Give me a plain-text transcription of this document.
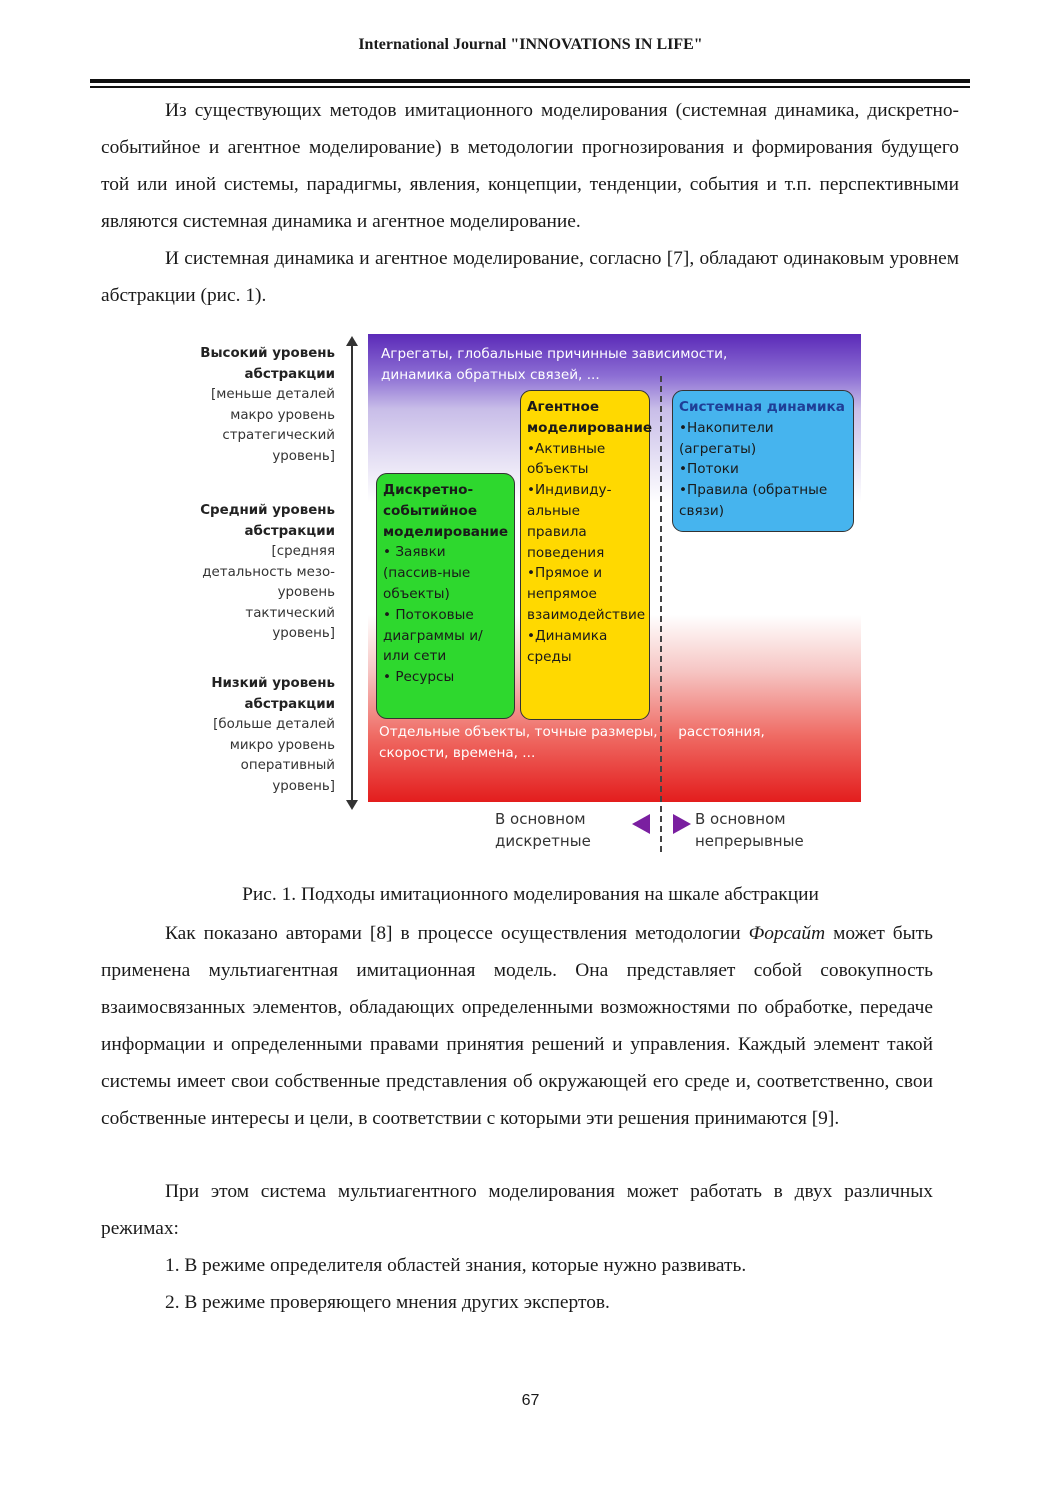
International Journal "INNOVATIONS IN LIFE"

Из существующих методов имитационного моделирования (системная динамика, дискретно-событийное и агентное моделирование) в методологии прогнозирования и формирования будущего той или иной системы, парадигмы, явления, концепции, тенденции, события и т.п. перспективными являются системная динамика и агентное моделирование.

И системная динамика и агентное моделирование, согласно [7], обладают одинаковым уровнем абстракции (рис. 1).

Высокий уровень абстракции
[меньше деталей макро уровень стратегический уровень]
Средний уровень абстракции
[средняя детальность мезо-уровень тактический уровень]
Низкий уровень абстракции
[больше деталей микро уровень оперативный уровень]
Агрегаты, глобальные причинные зависимости, динамика обратных связей, ...
Отдельные объекты, точные размеры, расстояния,
скорости, времена, ...
Дискретно-событийное моделирование
• Заявки (пассив-ные объекты)
• Потоковые диаграммы и/или сети
• Ресурсы
Агентное моделирование
•Активные объекты
•Индивиду-альные правила поведения
•Прямое и непрямое взаимодействие
•Динамика среды
Системная динамика
•Накопители (агрегаты)
•Потоки
•Правила (обратные связи)
В основном дискретные
В основном непрерывные
Рис. 1. Подходы имитационного моделирования на шкале абстракции

Как показано авторами [8] в процессе осуществления методологии Форсайт может быть применена мультиагентная имитационная модель. Она представляет собой совокупность взаимосвязанных элементов, обладающих определенными возможностями по обработке, передаче информации и определенными правами принятия решений и управления. Каждый элемент такой системы имеет свои собственные представления об окружающей его среде и, соответственно, свои собственные интересы и цели, в соответствии с которыми эти решения принимаются [9].

При этом система мультиагентного моделирования может работать в двух различных режимах:

1. В режиме определителя областей знания, которые нужно развивать.

2. В режиме проверяющего мнения других экспертов.

67
